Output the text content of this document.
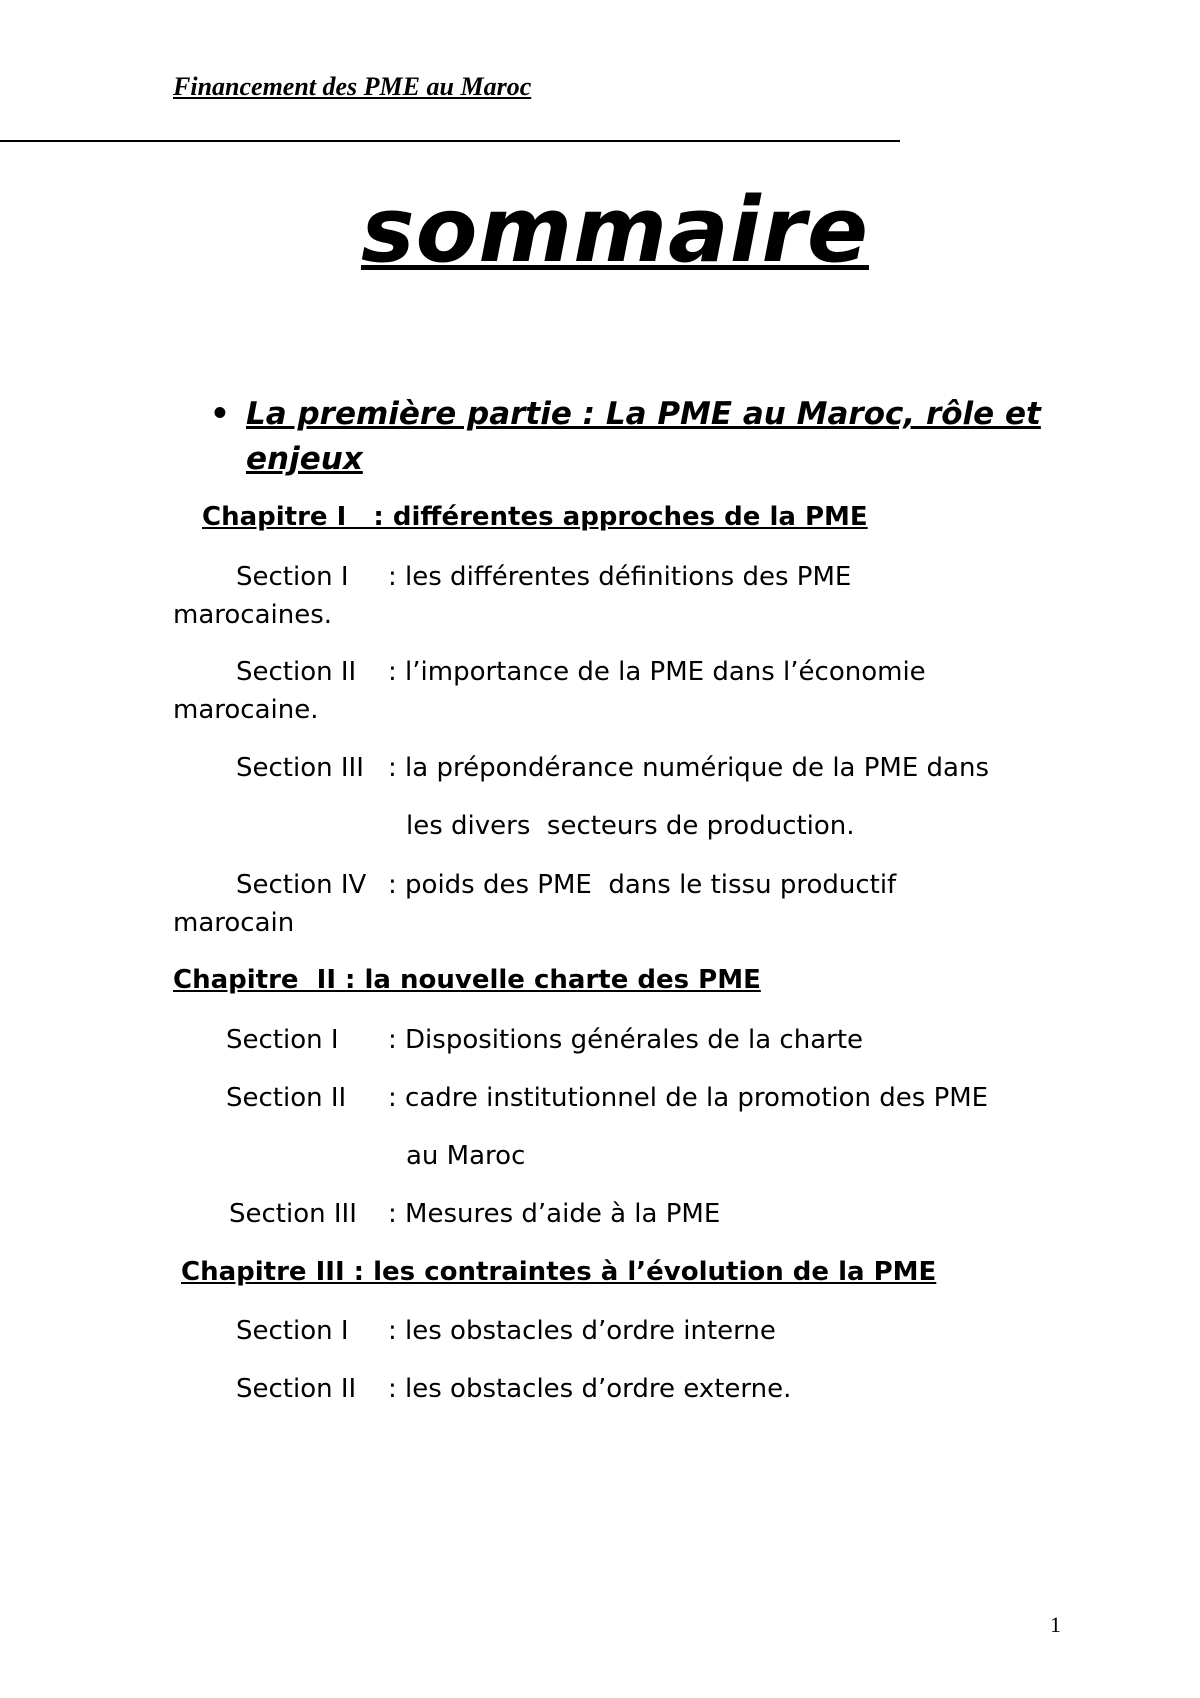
Financement des PME au Maroc
sommaire
• La première partie : La PME au Maroc, rôle et enjeux
Chapitre I   : différentes approches de la PME
Section I : les différentes définitions des PME
marocaines.
Section II : l’importance de la PME dans l’économie
marocaine.
Section III : la prépondérance numérique de la PME dans
les divers  secteurs de production.
Section IV : poids des PME  dans le tissu productif
marocain
Chapitre  II : la nouvelle charte des PME
Section I : Dispositions générales de la charte
Section II : cadre institutionnel de la promotion des PME
au Maroc
Section III : Mesures d’aide à la PME
Chapitre III : les contraintes à l’évolution de la PME
Section I : les obstacles d’ordre interne
Section II : les obstacles d’ordre externe.
1
